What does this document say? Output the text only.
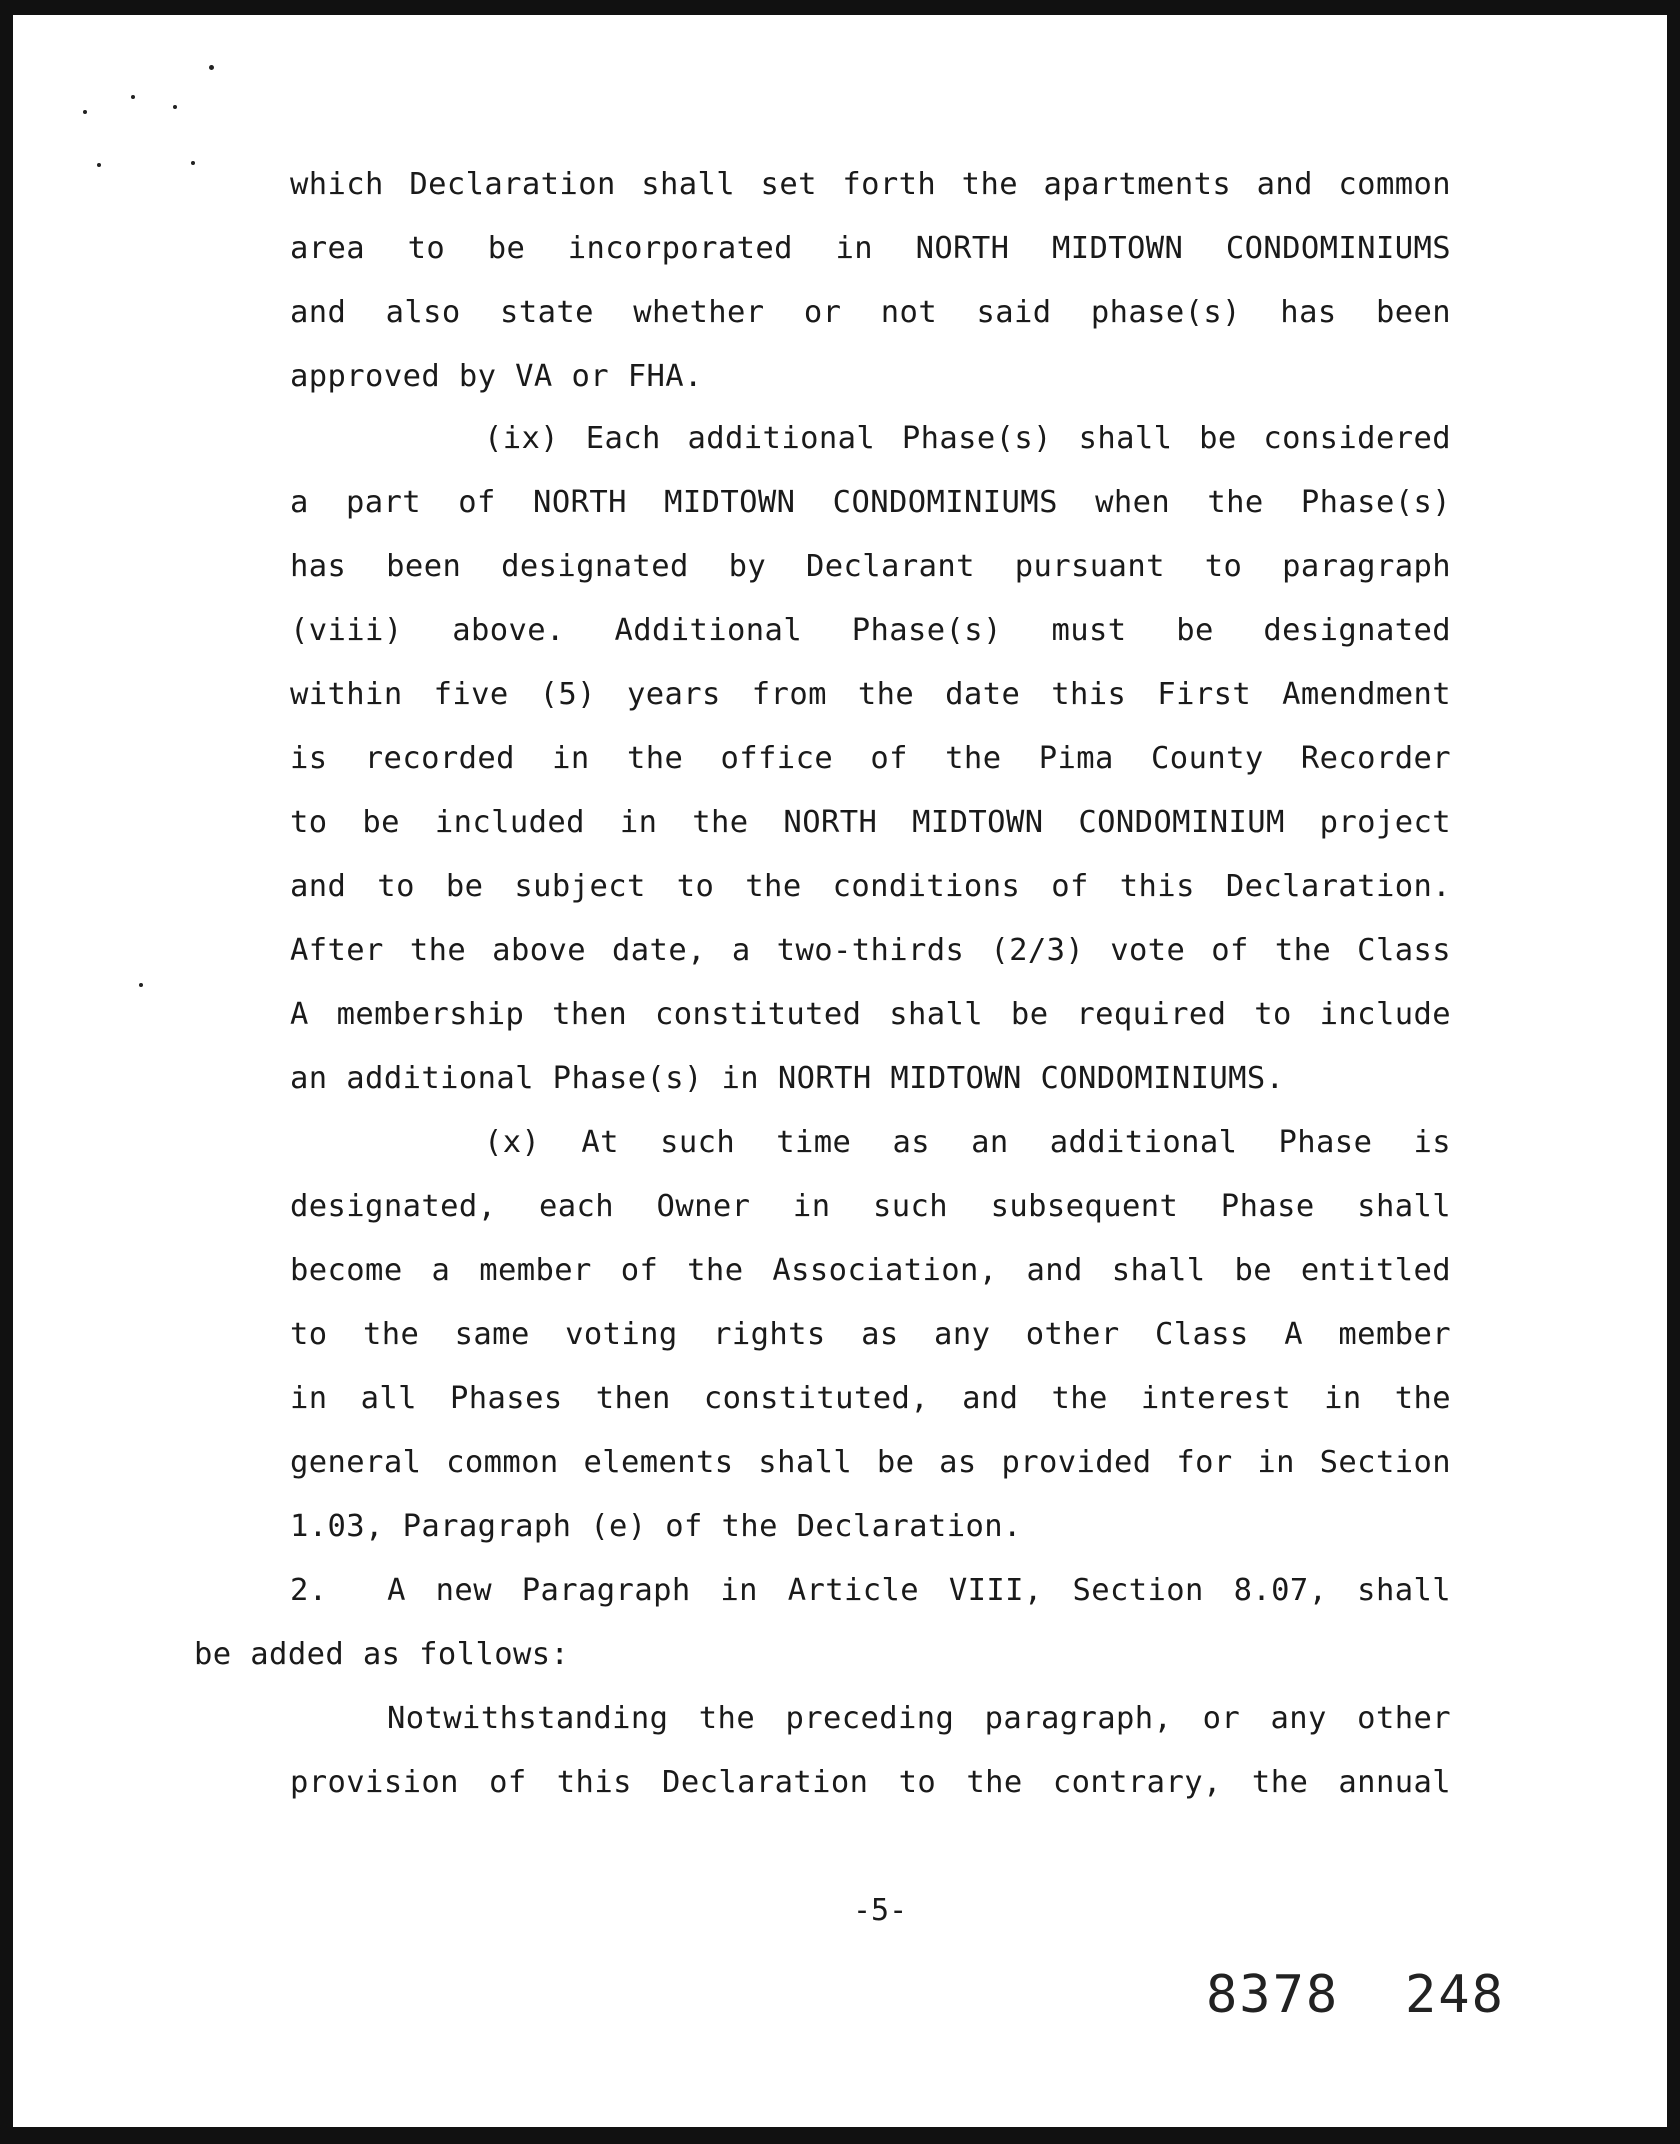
which Declaration shall set forth the apartments and common
area to be incorporated in NORTH MIDTOWN CONDOMINIUMS
and also state whether or not said phase(s) has been
approved by VA or FHA.
(ix) Each additional Phase(s) shall be considered
a part of NORTH MIDTOWN CONDOMINIUMS when the Phase(s)
has been designated by Declarant pursuant to paragraph
(viii) above. Additional Phase(s) must be designated
within five (5) years from the date this First Amendment
is recorded in the office of the Pima County Recorder
to be included in the NORTH MIDTOWN CONDOMINIUM project
and to be subject to the conditions of this Declaration.
After the above date, a two-thirds (2/3) vote of the Class
A membership then constituted shall be required to include
an additional Phase(s) in NORTH MIDTOWN CONDOMINIUMS.
(x) At such time as an additional Phase is
designated, each Owner in such subsequent Phase shall
become a member of the Association, and shall be entitled
to the same voting rights as any other Class A member
in all Phases then constituted, and the interest in the
general common elements shall be as provided for in Section
1.03, Paragraph (e) of the Declaration.
2.  A new Paragraph in Article VIII, Section 8.07, shall
be added as follows:
Notwithstanding the preceding paragraph, or any other
provision of this Declaration to the contrary, the annual
-5-
8378 248
